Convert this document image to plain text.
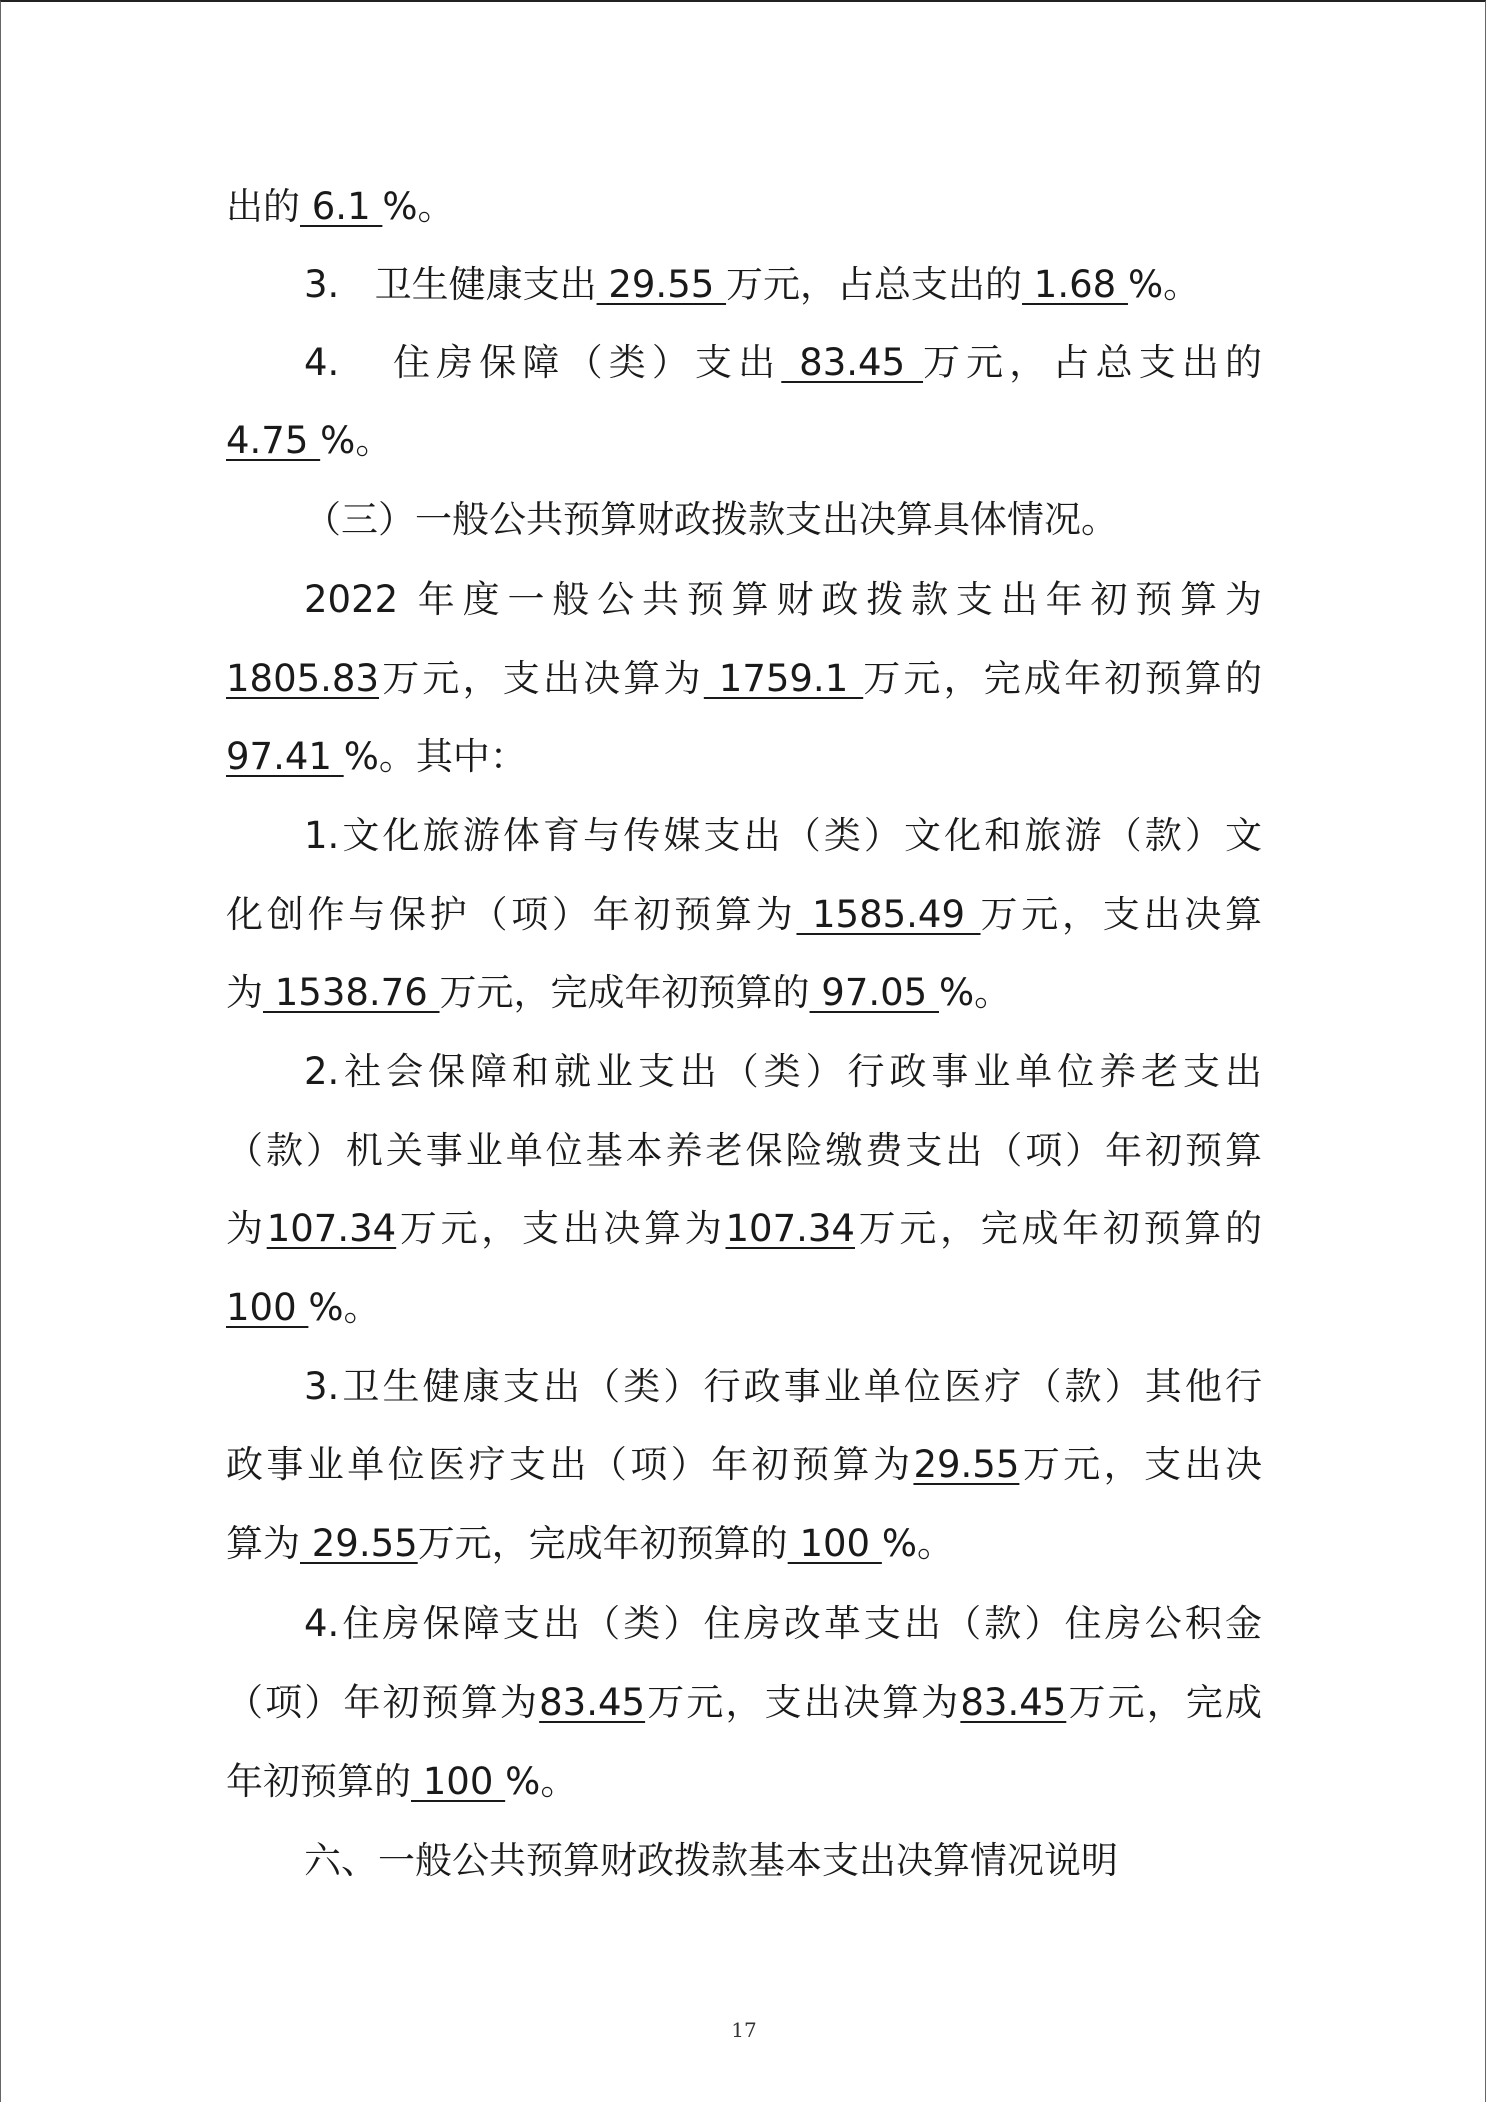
出的 6.1 %。
3.   卫生健康支出 29.55 万元，占总支出的 1.68 %。
4.   住房保障（类）支出 83.45 万元，占总支出的
4.75 %。
（三）一般公共预算财政拨款支出决算具体情况。
2022 年度一般公共预算财政拨款支出年初预算为
1805.83万元，支出决算为 1759.1 万元，完成年初预算的
97.41 %。其中：
1.文化旅游体育与传媒支出（类）文化和旅游（款）文
化创作与保护（项）年初预算为 1585.49 万元，支出决算
为 1538.76 万元，完成年初预算的 97.05 %。
2.社会保障和就业支出（类）行政事业单位养老支出
（款）机关事业单位基本养老保险缴费支出（项）年初预算
为107.34万元，支出决算为107.34万元，完成年初预算的
100 %。
3.卫生健康支出（类）行政事业单位医疗（款）其他行
政事业单位医疗支出（项）年初预算为29.55万元，支出决
算为 29.55万元，完成年初预算的 100 %。
4.住房保障支出（类）住房改革支出（款）住房公积金
（项）年初预算为83.45万元，支出决算为83.45万元，完成
年初预算的 100 %。
六、一般公共预算财政拨款基本支出决算情况说明
17
